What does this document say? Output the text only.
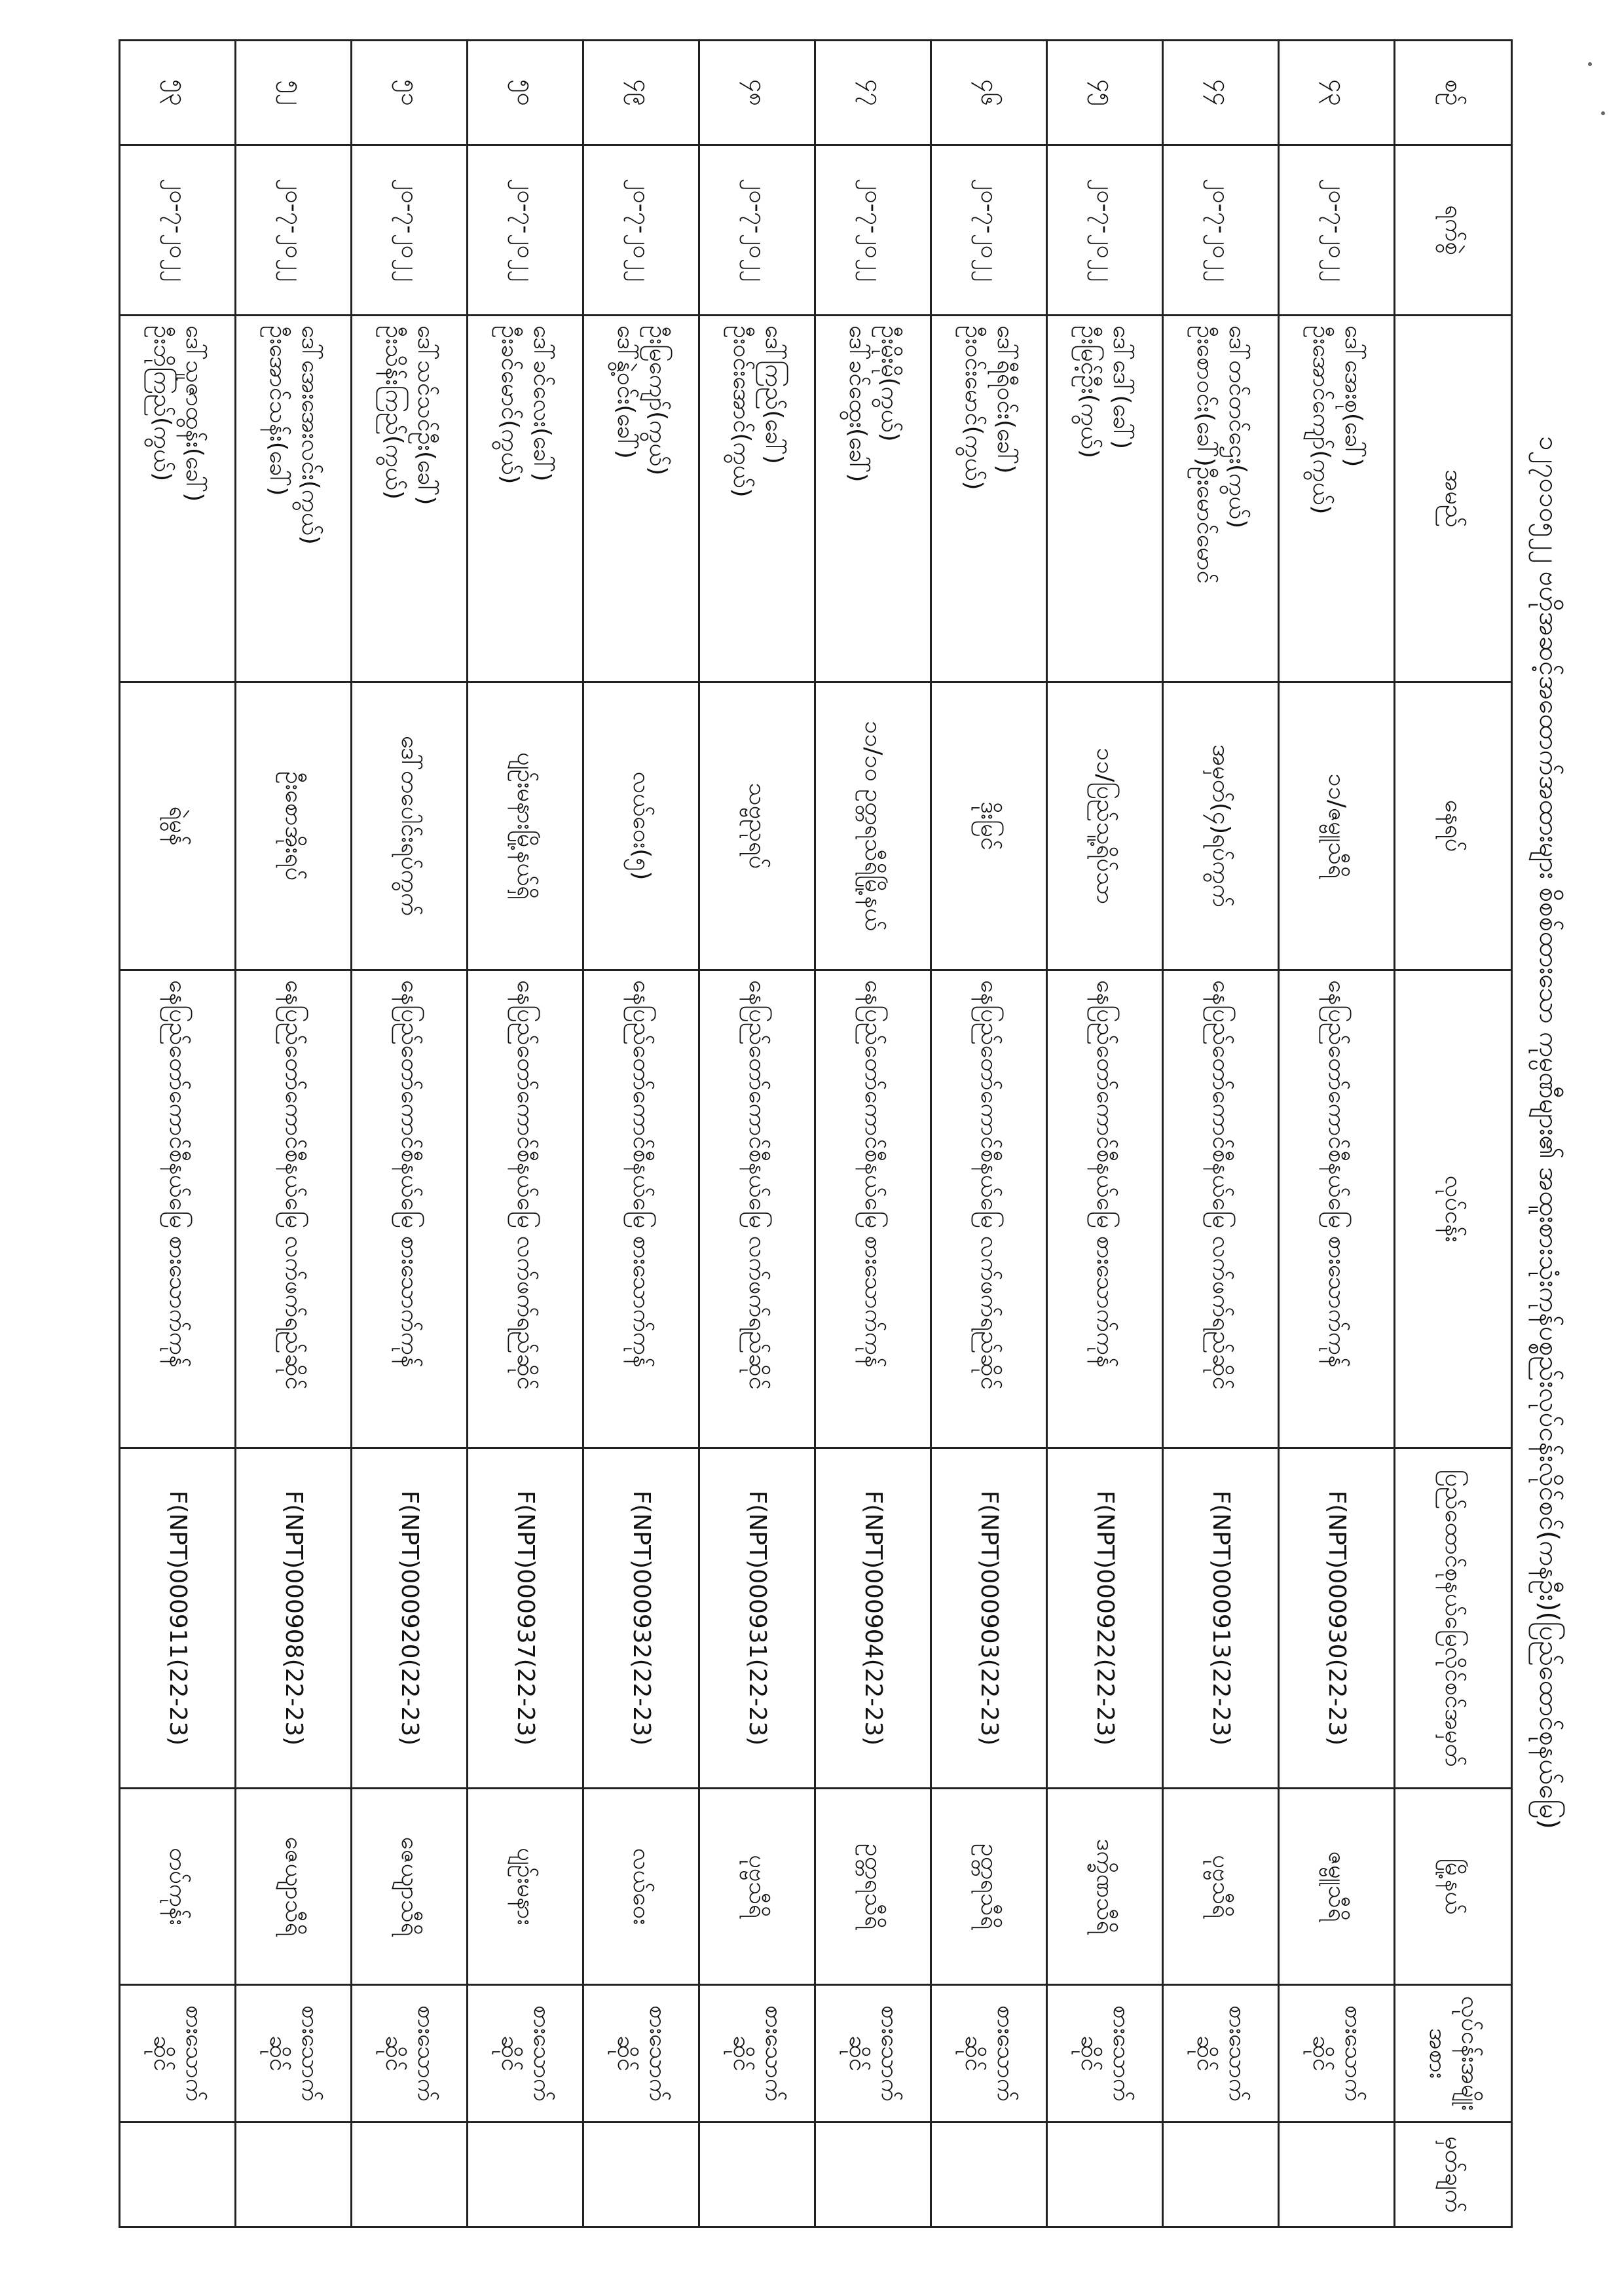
၁၂၇၀၁၀၅၂၂ ဗဟိုအဆင့်အထောက်အထားများ စိစစ်ထားသော ကုမ္ပဏီများ၏ အထူးစားသုံးကုန်ပစ္စည်းလုပ်ငန်းလိုင်စင်(ကနဦး)(ပြည်ထောင်စုနယ်မြေ)
စဉ်	ရက်စွဲ	အမည်	နေရပ်	လုပ်ငန်း	ပြည်ထောင်စုနယ်မြေလိုင်စင်အမှတ်	မြို့နယ်	လုပ်ငန်းအမျိုးအစား	မှတ်ချက်
၄၃	၂၀-၇-၂၀၂၂	ဒေါ်အေးစု(ခေါ်)
ဦးအောင်ကျော်(ကွယ်)	၁၁/ဇမ္ဗူသီရိ	နေပြည်တော်ကောင်စီနယ်မြေ စားသောက်ကုန်	F(NPT)000930(22-23)	ဇမ္ဗူသီရိ	စားသောက်ဆိုင်	
၄၄	၂၀-၇-၂၀၂၂	ဒေါ်တင်တင်ဌေး(ကွယ်)
ဦးစောဝင်း(ခေါ်)ဦးမောင်မောင်	အမှတ်(၄)ရပ်ကွက်	နေပြည်တော်ကောင်စီနယ်မြေ လက်ဖက်ရည်ဆိုင်	F(NPT)000913(22-23)	ပုဗ္ဗသီရိ	စားသောက်ဆိုင်	
၄၅	၂၀-၇-၂၀၂၂	ဒေါ်ဒေါ်(ခေါ်)
ဦးမြင့်ဦး(ကွယ်)	၁၁/ပြည်သူ့ရိပ်သာ	နေပြည်တော်ကောင်စီနယ်မြေ စားသောက်ကုန်	F(NPT)000922(22-23)	ဒက္ခိဏသီရိ	စားသောက်ဆိုင်	
၄၆	၂၀-၇-၂၀၂၂	ဒေါ်ရီရီဝင်း(ခေါ်)
ဦးဝင်းမောင်(ကွယ်)	ဒိုးမြင်	နေပြည်တော်ကောင်စီနယ်မြေ လက်ဖက်ရည်ဆိုင်	F(NPT)000903(22-23)	ဥတ္တရသီရိ	စားသောက်ဆိုင်	
၄၇	၂၀-၇-၂၀၂၂	ဦးမိုးမို(ကွယ်)
ဒေါ်ခင်ထွေး(ခေါ်)	၁၁/၁၀ ဥတ္တရသီရိမြို့နယ်	နေပြည်တော်ကောင်စီနယ်မြေ စားသောက်ကုန်	F(NPT)000904(22-23)	ဥတ္တရသီရိ	စားသောက်ဆိုင်	
၄၈	၂၀-၇-၂၀၂၂	ဒေါ်ကြည်(ခေါ်)
ဦးဝင်းအောင်(ကွယ်)	သဗ္ဗညုရပ်	နေပြည်တော်ကောင်စီနယ်မြေ လက်ဖက်ရည်ဆိုင်	F(NPT)000931(22-23)	ပုဗ္ဗသီရိ	စားသောက်ဆိုင်	
၄၉	၂၀-၇-၂၀၂၂	ဦးမြကျော်(ကွယ်)
ဒေါ်နွဲ့ဝင်း(ခေါ်)	လယ်ဝေး(၅)	နေပြည်တော်ကောင်စီနယ်မြေ စားသောက်ကုန်	F(NPT)000932(22-23)	လယ်ဝေး	စားသောက်ဆိုင်	
၅၀	၂၀-၇-၂၀၂၂	ဒေါ်ခင်လေး(ခေါ်)
ဦးခင်မောင်(ကွယ်)	ပျဉ်းမနားမြို့နယ်ရှိ	နေပြည်တော်ကောင်စီနယ်မြေ လက်ဖက်ရည်ဆိုင်	F(NPT)000937(22-23)	ပျဉ်းမနား	စားသောက်ဆိုင်	
၅၁	၂၀-၇-၂၀၂၂	ဒေါ်သင်သင်ဦး(ခေါ်)
ဦးသိန်းကြည်(ကွယ်)	ဒေါ်တပေါင်းရပ်ကွက်	နေပြည်တော်ကောင်စီနယ်မြေ စားသောက်ကုန်	F(NPT)000920(22-23)	ဇေယျာသီရိ	စားသောက်ဆိုင်	
၅၂	၂၀-၇-၂၀၂၂	ဒေါ်အေးအေးလင်း(ကွယ်)
ဦးအောင်သန်း(ခေါ်)	ဦးစောအိုးရပ်	နေပြည်တော်ကောင်စီနယ်မြေ လက်ဖက်ရည်ဆိုင်	F(NPT)000908(22-23)	ဇေယျာသီရိ	စားသောက်ဆိုင်	
၅၃	၂၀-၇-၂၀၂၂	ဒေါ်သူဇာထွန်း(ခေါ်)
ဦးဘိုကြည်(ကွယ်)	ရဲမွန်	နေပြည်တော်ကောင်စီနယ်မြေ စားသောက်ကုန်	F(NPT)000911(22-23)	တပ်ကုန်း	စားသောက်ဆိုင်	
